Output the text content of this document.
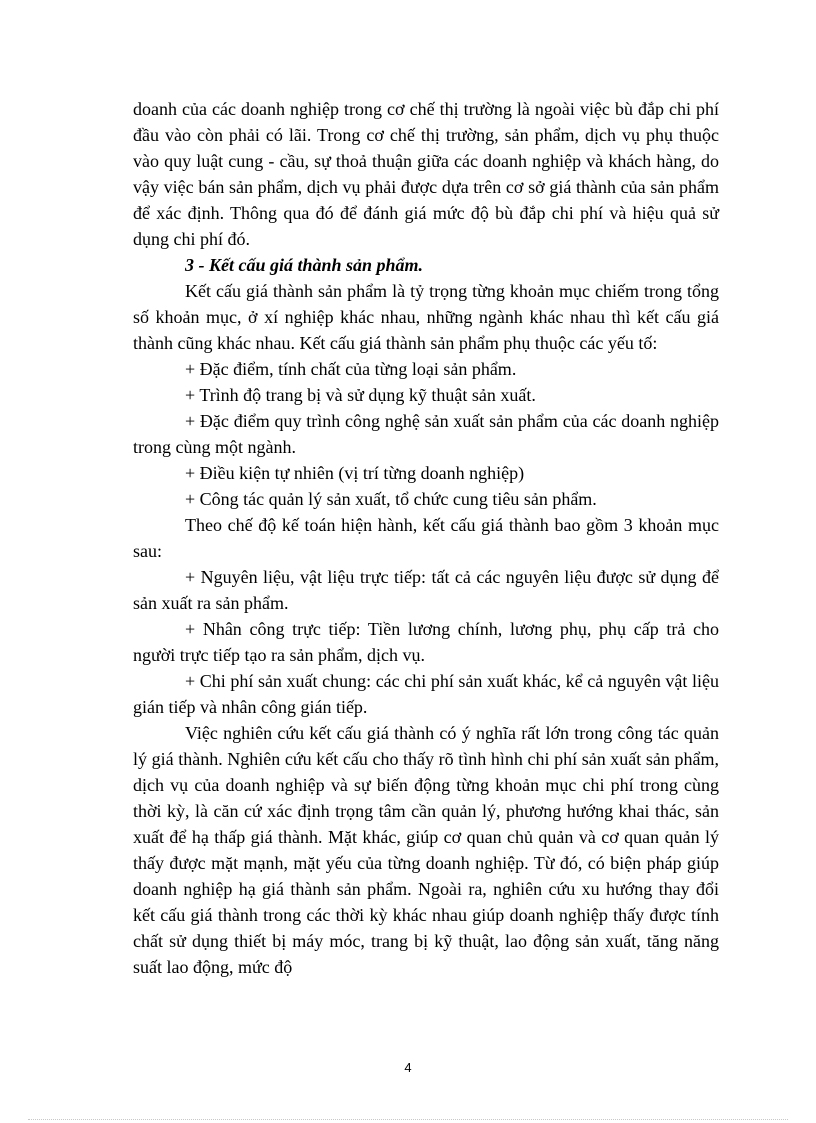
doanh của các doanh nghiệp trong cơ chế thị trường là ngoài việc bù đắp chi phí đầu vào còn phải có lãi. Trong cơ chế thị trường, sản phẩm, dịch vụ phụ thuộc vào quy luật cung - cầu, sự thoả thuận giữa các doanh nghiệp và khách hàng, do vậy việc bán sản phẩm, dịch vụ phải được dựa trên cơ sở giá thành của sản phẩm để xác định. Thông qua đó để đánh giá mức độ bù đắp chi phí và hiệu quả sử dụng chi phí đó.

3 - Kết cấu giá thành sản phẩm.

Kết cấu giá thành sản phẩm là tỷ trọng từng khoản mục chiếm trong tổng số khoản mục, ở xí nghiệp khác nhau, những ngành khác nhau thì kết cấu giá thành cũng khác nhau. Kết cấu giá thành sản phẩm phụ thuộc các yếu tố:

+ Đặc điểm, tính chất của từng loại sản phẩm.

+ Trình độ trang bị và sử dụng kỹ thuật sản xuất.

+ Đặc điểm quy trình công nghệ sản xuất sản phẩm của các doanh nghiệp trong cùng một ngành.

+ Điều kiện tự nhiên (vị trí từng doanh nghiệp)

+ Công tác quản lý sản xuất, tổ chức cung tiêu sản phẩm.

Theo chế độ kế toán hiện hành, kết cấu giá thành bao gồm 3 khoản mục sau:

+ Nguyên liệu, vật liệu trực tiếp: tất cả các nguyên liệu được sử dụng để sản xuất ra sản phẩm.

+ Nhân công trực tiếp: Tiền lương chính, lương phụ, phụ cấp trả cho người trực tiếp tạo ra sản phẩm, dịch vụ.

+ Chi phí sản xuất chung: các chi phí sản xuất khác, kể cả nguyên vật liệu gián tiếp và nhân công gián tiếp.

Việc nghiên cứu kết cấu giá thành có ý nghĩa rất lớn trong công tác quản lý giá thành. Nghiên cứu kết cấu cho thấy rõ tình hình chi phí sản xuất sản phẩm, dịch vụ của doanh nghiệp và sự biến động từng khoản mục chi phí trong cùng thời kỳ, là căn cứ xác định trọng tâm cần quản lý, phương hướng khai thác, sản xuất để hạ thấp giá thành. Mặt khác, giúp cơ quan chủ quản và cơ quan quản lý thấy được mặt mạnh, mặt yếu của từng doanh nghiệp. Từ đó, có biện pháp giúp doanh nghiệp hạ giá thành sản phẩm. Ngoài ra, nghiên cứu xu hướng thay đổi kết cấu giá thành trong các thời kỳ khác nhau giúp doanh nghiệp thấy được tính chất sử dụng thiết bị máy móc, trang bị kỹ thuật, lao động sản xuất, tăng năng suất lao động, mức độ

4
